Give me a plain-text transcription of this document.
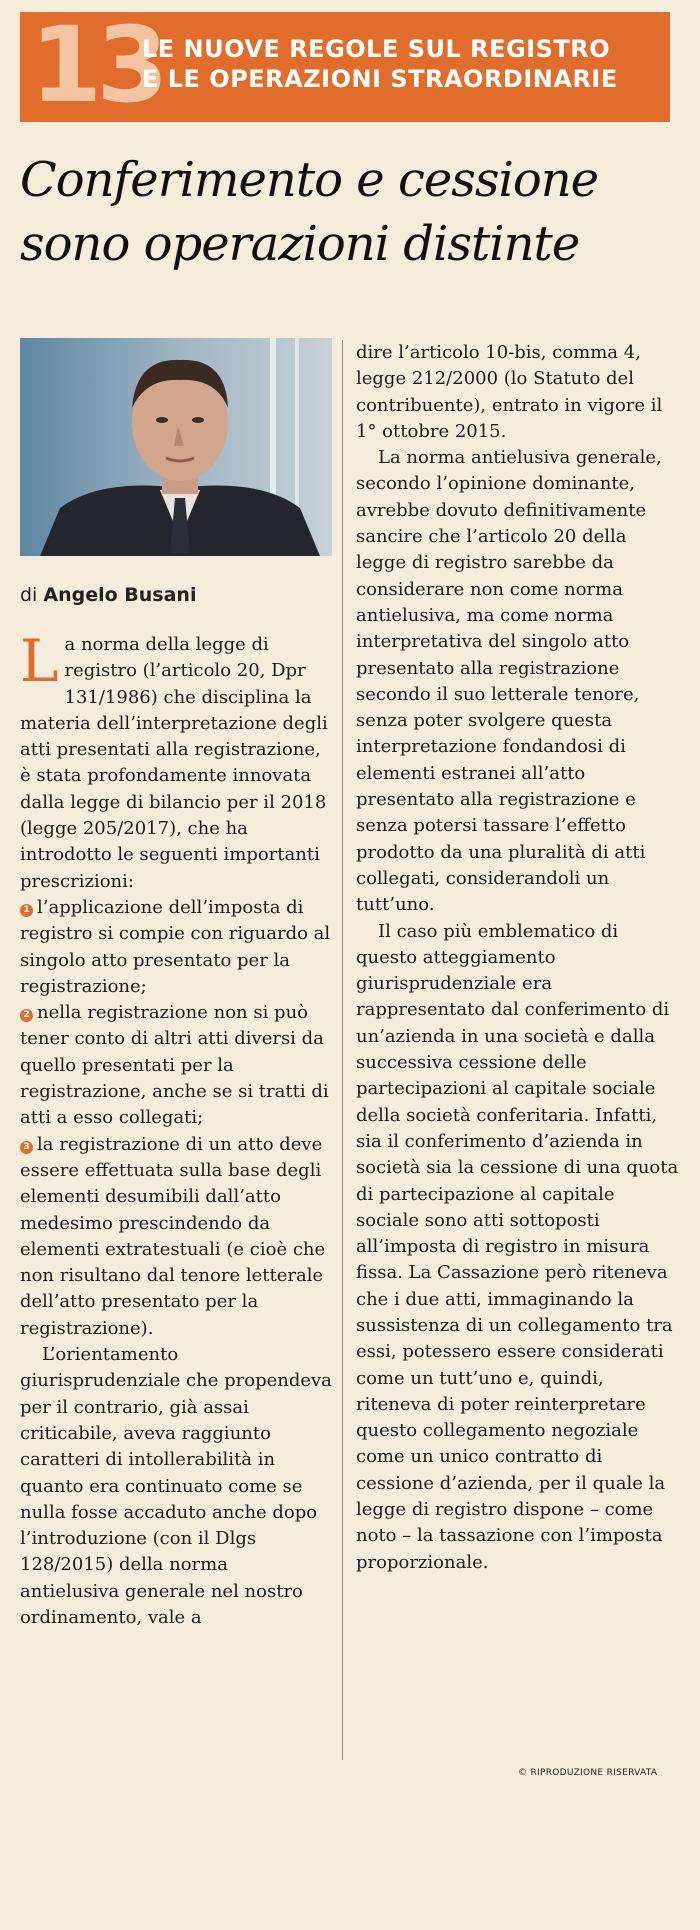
13
LE NUOVE REGOLE SUL REGISTRO
E LE OPERAZIONI STRAORDINARIE
Conferimento e cessione
sono operazioni distinte
di Angelo Busani

La norma della legge di registro (l’articolo 20, Dpr 131/1986) che disciplina la materia dell’interpretazione degli atti presentati alla registrazione, è stata profondamente innovata dalla legge di bilancio per il 2018 (legge 205/2017), che ha introdotto le seguenti importanti prescrizioni:

1 l’applicazione dell’imposta di registro si compie con riguardo al singolo atto presentato per la registrazione;

2 nella registrazione non si può tener conto di altri atti diversi da quello presentati per la registrazione, anche se si tratti di atti a esso collegati;

3 la registrazione di un atto deve essere effettuata sulla base degli elementi desumibili dall’atto medesimo prescindendo da elementi extratestuali (e cioè che non risultano dal tenore letterale dell’atto presentato per la registrazione).

L’orientamento giurisprudenziale che propendeva per il contrario, già assai criticabile, aveva raggiunto caratteri di intollerabilità in quanto era continuato come se nulla fosse accaduto anche dopo l’introduzione (con il Dlgs 128/2015) della norma antielusiva generale nel nostro ordinamento, vale a

dire l’articolo 10-bis, comma 4, legge 212/2000 (lo Statuto del contribuente), entrato in vigore il 1° ottobre 2015.

La norma antielusiva generale, secondo l’opinione dominante, avrebbe dovuto definitivamente sancire che l’articolo 20 della legge di registro sarebbe da considerare non come norma antielusiva, ma come norma interpretativa del singolo atto presentato alla registrazione secondo il suo letterale tenore, senza poter svolgere questa interpretazione fondandosi di elementi estranei all’atto presentato alla registrazione e senza potersi tassare l’effetto prodotto da una pluralità di atti collegati, considerandoli un tutt’uno.

Il caso più emblematico di questo atteggiamento giurisprudenziale era rappresentato dal conferimento di un’azienda in una società e dalla successiva cessione delle partecipazioni al capitale sociale della società conferitaria. Infatti, sia il conferimento d’azienda in società sia la cessione di una quota di partecipazione al capitale sociale sono atti sottoposti all’imposta di registro in misura fissa. La Cassazione però riteneva che i due atti, immaginando la sussistenza di un collegamento tra essi, potessero essere considerati come un tutt’uno e, quindi, riteneva di poter reinterpretare questo collegamento negoziale come un unico contratto di cessione d’azienda, per il quale la legge di registro dispone – come noto – la tassazione con l’imposta proporzionale.

© RIPRODUZIONE RISERVATA
